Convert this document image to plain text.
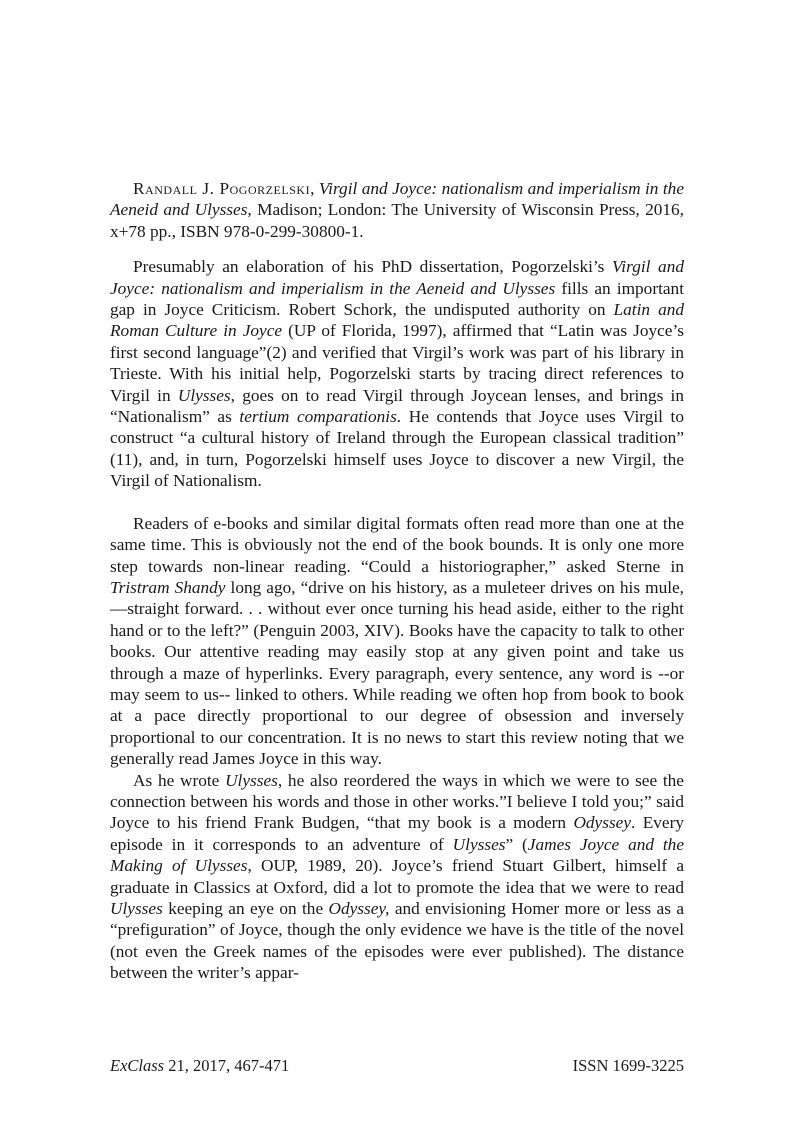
Randall J. Pogorzelski, Virgil and Joyce: nationalism and imperialism in the Aeneid and Ulysses, Madison; London: The University of Wisconsin Press, 2016, x+78 pp., ISBN 978-0-299-30800-1.

Presumably an elaboration of his PhD dissertation, Pogorzelski’s Virgil and Joyce: nationalism and imperialism in the Aeneid and Ulysses fills an important gap in Joyce Criticism. Robert Schork, the undisputed authority on Latin and Roman Culture in Joyce (UP of Florida, 1997), affirmed that “Latin was Joyce’s first second language”(2) and verified that Virgil’s work was part of his library in Trieste. With his initial help, Pogorzelski starts by tracing direct references to Virgil in Ulysses, goes on to read Virgil through Joycean lenses, and brings in “Nationalism” as tertium comparationis. He contends that Joyce uses Virgil to construct “a cultural history of Ireland through the European classical tradition” (11), and, in turn, Pogorzelski himself uses Joyce to discover a new Virgil, the Virgil of Nationalism.

Readers of e-books and similar digital formats often read more than one at the same time. This is obviously not the end of the book bounds. It is only one more step towards non-linear reading. “Could a historiographer,” asked Sterne in Tristram Shandy long ago, “drive on his history, as a muleteer drives on his mule,—straight forward. . . without ever once turning his head aside, either to the right hand or to the left?” (Penguin 2003, XIV). Books have the capacity to talk to other books. Our attentive reading may easily stop at any given point and take us through a maze of hyperlinks. Every paragraph, every sentence, any word is --or may seem to us-- linked to others. While reading we often hop from book to book at a pace directly proportional to our degree of obsession and inversely proportional to our concentration. It is no news to start this review noting that we generally read James Joyce in this way.

As he wrote Ulysses, he also reordered the ways in which we were to see the connection between his words and those in other works.”I believe I told you;” said Joyce to his friend Frank Budgen, “that my book is a modern Odyssey. Every episode in it corresponds to an adventure of Ulysses” (James Joyce and the Making of Ulysses, OUP, 1989, 20). Joyce’s friend Stuart Gilbert, himself a graduate in Classics at Oxford, did a lot to promote the idea that we were to read Ulysses keeping an eye on the Odyssey, and envisioning Homer more or less as a “prefiguration” of Joyce, though the only evidence we have is the title of the novel (not even the Greek names of the episodes were ever published). The distance between the writer’s appar-

ExClass 21, 2017, 467-471	ISSN 1699-3225
